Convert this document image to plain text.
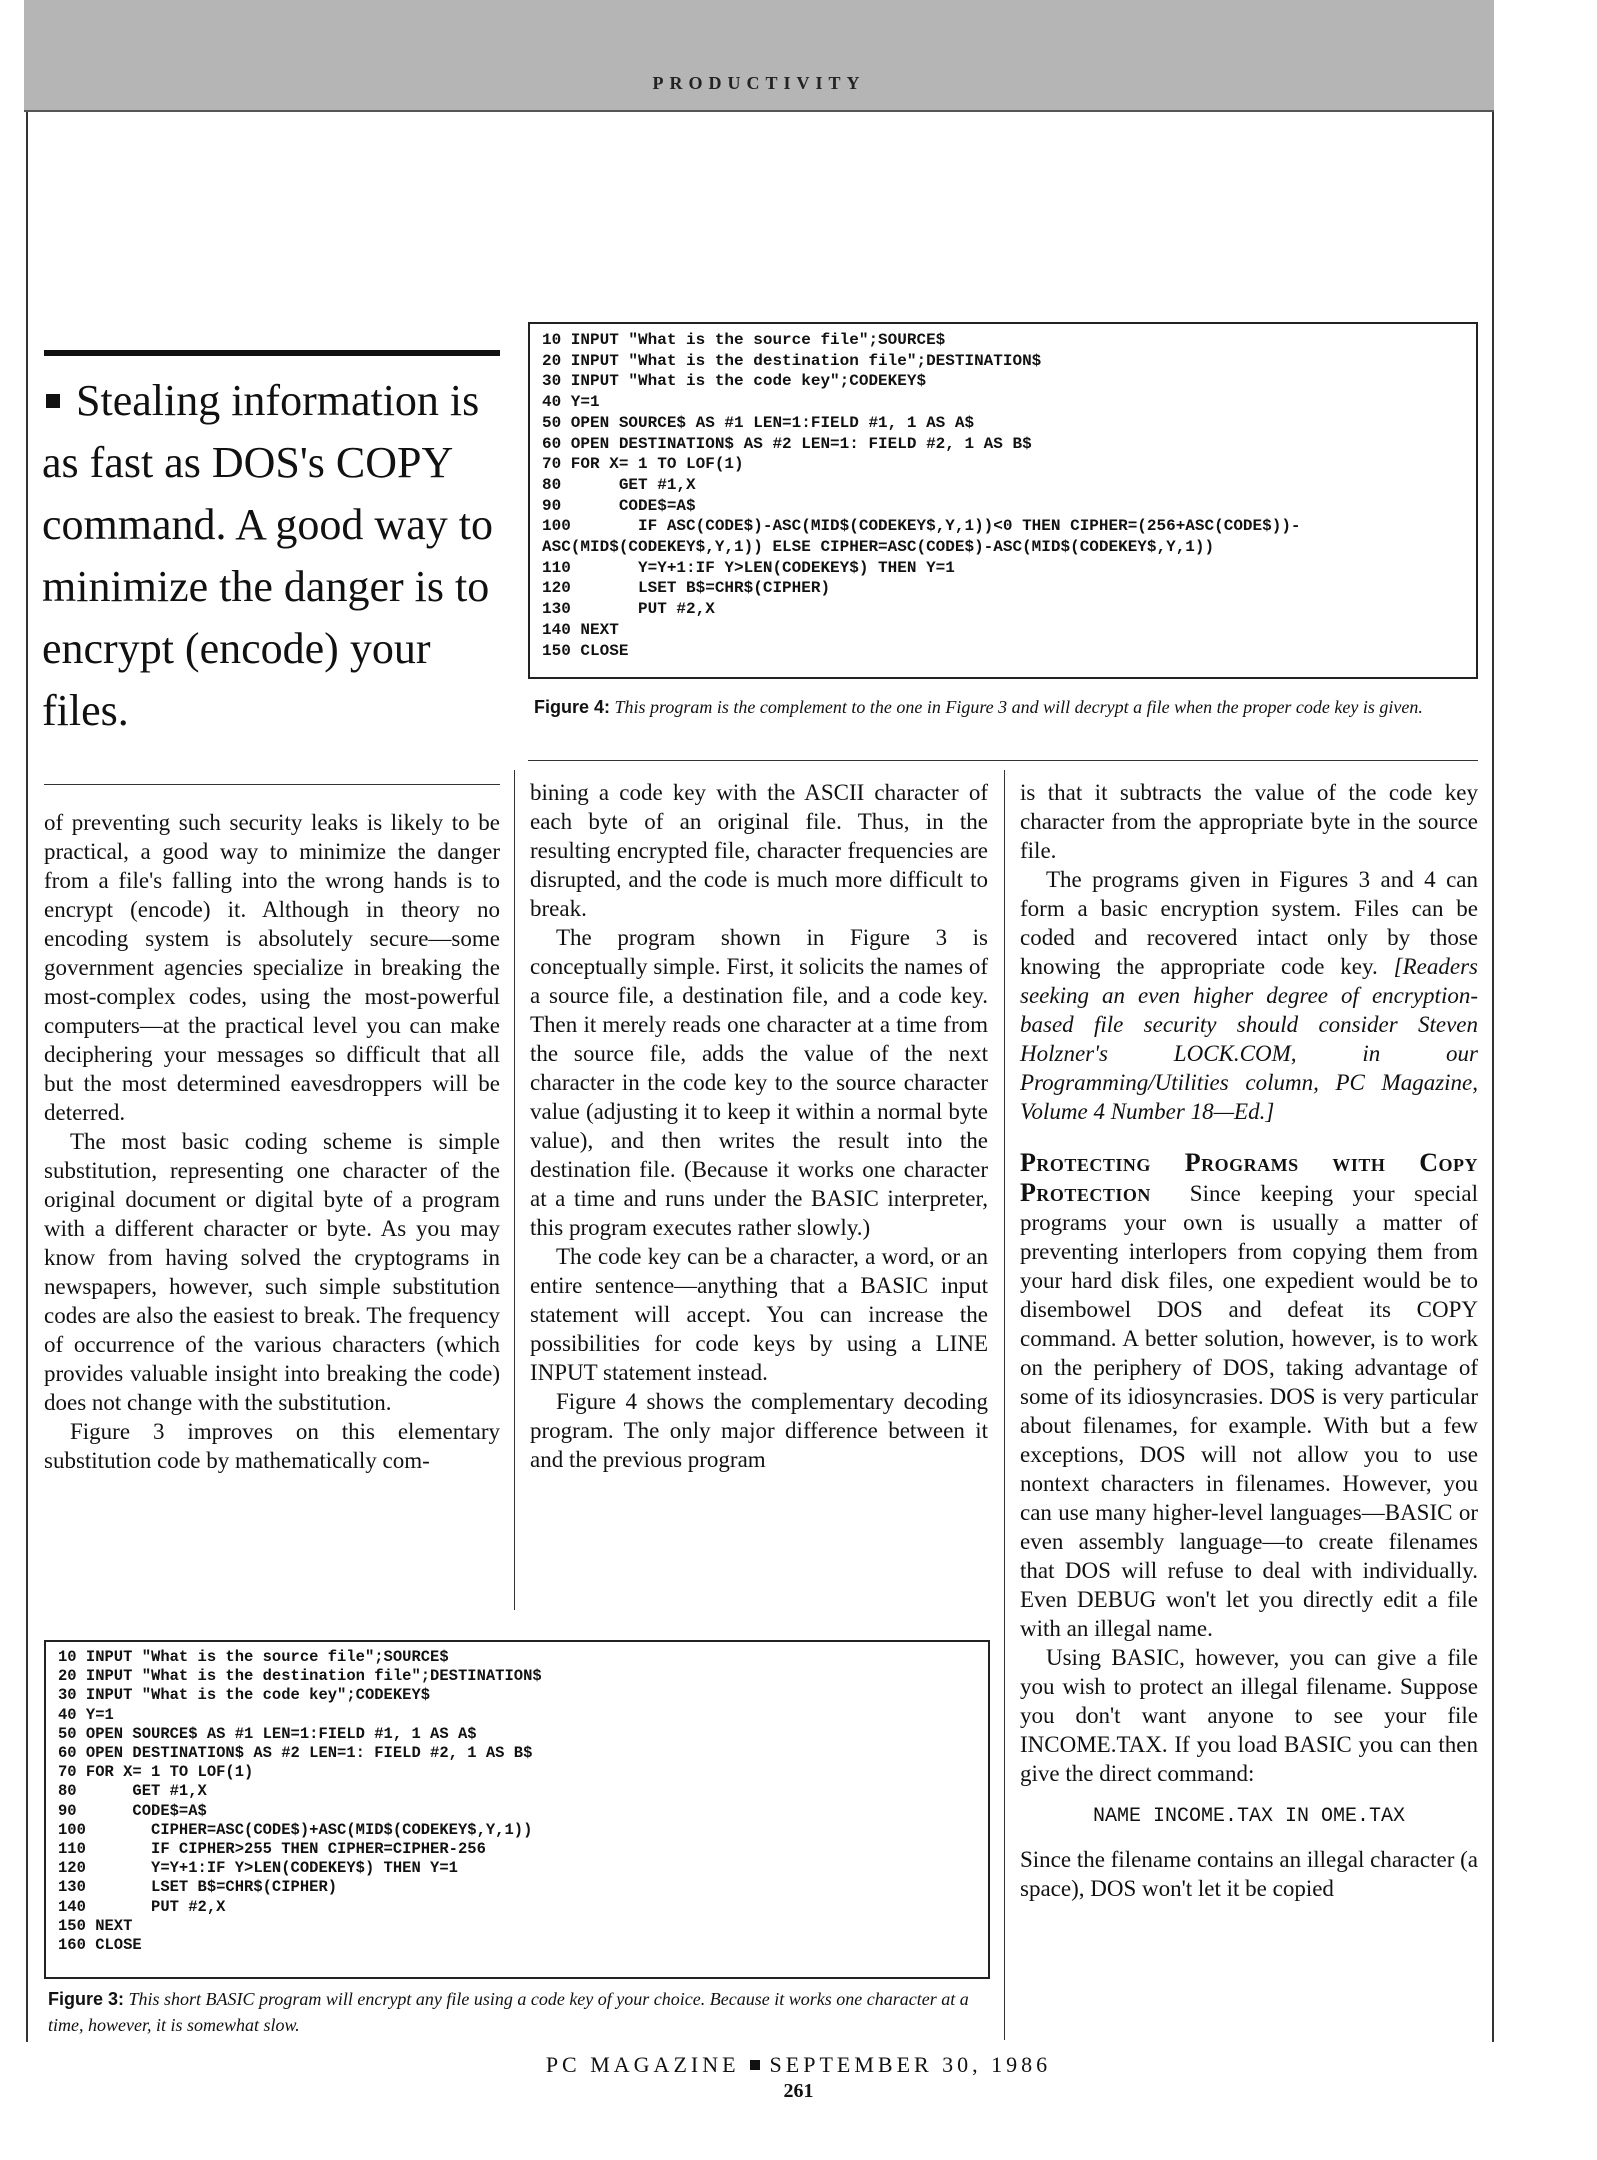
PRODUCTIVITY
Stealing information is as fast as DOS's COPY command. A good way to minimize the danger is to encrypt (encode) your files.
10 INPUT "What is the source file";SOURCE$
20 INPUT "What is the destination file";DESTINATION$
30 INPUT "What is the code key";CODEKEY$
40 Y=1
50 OPEN SOURCE$ AS #1 LEN=1:FIELD #1, 1 AS A$
60 OPEN DESTINATION$ AS #2 LEN=1: FIELD #2, 1 AS B$
70 FOR X= 1 TO LOF(1)
80      GET #1,X
90      CODE$=A$
100       IF ASC(CODE$)-ASC(MID$(CODEKEY$,Y,1))<0 THEN CIPHER=(256+ASC(CODE$))-
ASC(MID$(CODEKEY$,Y,1)) ELSE CIPHER=ASC(CODE$)-ASC(MID$(CODEKEY$,Y,1))
110       Y=Y+1:IF Y>LEN(CODEKEY$) THEN Y=1
120       LSET B$=CHR$(CIPHER)
130       PUT #2,X
140 NEXT
150 CLOSE
Figure 4: This program is the complement to the one in Figure 3 and will decrypt a file when the proper code key is given.

of preventing such security leaks is likely to be practical, a good way to minimize the danger from a file's falling into the wrong hands is to encrypt (encode) it. Although in theory no encoding system is absolutely secure—some government agencies specialize in breaking the most-complex codes, using the most-powerful computers—at the practical level you can make deciphering your messages so difficult that all but the most determined eavesdroppers will be deterred.

The most basic coding scheme is simple substitution, representing one character of the original document or digital byte of a program with a different character or byte. As you may know from having solved the cryptograms in newspapers, however, such simple substitution codes are also the easiest to break. The frequency of occurrence of the various characters (which provides valuable insight into breaking the code) does not change with the substitution.

Figure 3 improves on this elementary substitution code by mathematically com-

bining a code key with the ASCII character of each byte of an original file. Thus, in the resulting encrypted file, character frequencies are disrupted, and the code is much more difficult to break.

The program shown in Figure 3 is conceptually simple. First, it solicits the names of a source file, a destination file, and a code key. Then it merely reads one character at a time from the source file, adds the value of the next character in the code key to the source character value (adjusting it to keep it within a normal byte value), and then writes the result into the destination file. (Because it works one character at a time and runs under the BASIC interpreter, this program executes rather slowly.)

The code key can be a character, a word, or an entire sentence—anything that a BASIC input statement will accept. You can increase the possibilities for code keys by using a LINE INPUT statement instead.

Figure 4 shows the complementary decoding program. The only major difference between it and the previous program

is that it subtracts the value of the code key character from the appropriate byte in the source file.

The programs given in Figures 3 and 4 can form a basic encryption system. Files can be coded and recovered intact only by those knowing the appropriate code key. [Readers seeking an even higher degree of encryption-based file security should consider Steven Holzner's LOCK.COM, in our Programming/Utilities column, PC Magazine, Volume 4 Number 18—Ed.]

Protecting Programs with Copy Protection Since keeping your special programs your own is usually a matter of preventing interlopers from copying them from your hard disk files, one expedient would be to disembowel DOS and defeat its COPY command. A better solution, however, is to work on the periphery of DOS, taking advantage of some of its idiosyncrasies. DOS is very particular about filenames, for example. With but a few exceptions, DOS will not allow you to use nontext characters in filenames. However, you can use many higher-level languages—BASIC or even assembly language—to create filenames that DOS will refuse to deal with individually. Even DEBUG won't let you directly edit a file with an illegal name.

Using BASIC, however, you can give a file you wish to protect an illegal filename. Suppose you don't want anyone to see your file INCOME.TAX. If you load BASIC you can then give the direct command:

NAME INCOME.TAX IN OME.TAX

Since the filename contains an illegal character (a space), DOS won't let it be copied

10 INPUT "What is the source file";SOURCE$
20 INPUT "What is the destination file";DESTINATION$
30 INPUT "What is the code key";CODEKEY$
40 Y=1
50 OPEN SOURCE$ AS #1 LEN=1:FIELD #1, 1 AS A$
60 OPEN DESTINATION$ AS #2 LEN=1: FIELD #2, 1 AS B$
70 FOR X= 1 TO LOF(1)
80      GET #1,X
90      CODE$=A$
100       CIPHER=ASC(CODE$)+ASC(MID$(CODEKEY$,Y,1))
110       IF CIPHER>255 THEN CIPHER=CIPHER-256
120       Y=Y+1:IF Y>LEN(CODEKEY$) THEN Y=1
130       LSET B$=CHR$(CIPHER)
140       PUT #2,X
150 NEXT
160 CLOSE
Figure 3: This short BASIC program will encrypt any file using a code key of your choice. Because it works one character at a time, however, it is somewhat slow.
PC MAGAZINE SEPTEMBER 30, 1986
261
